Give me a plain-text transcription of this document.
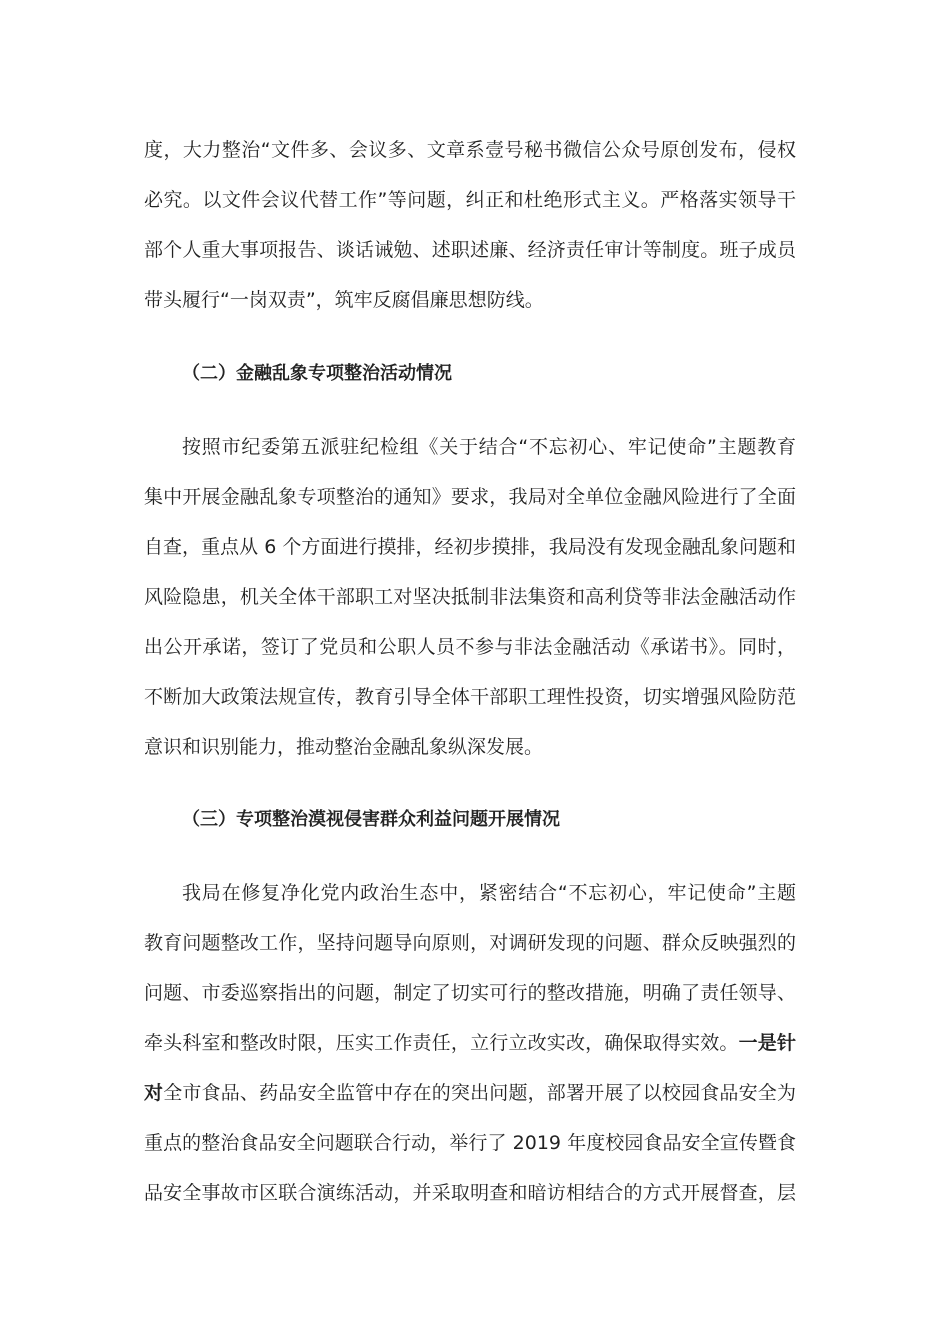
度，大力整治“文件多、会议多、文章系壹号秘书微信公众号原创发布，侵权
必究。以文件会议代替工作”等问题，纠正和杜绝形式主义。严格落实领导干
部个人重大事项报告、谈话诫勉、述职述廉、经济责任审计等制度。班子成员
带头履行“一岗双责”，筑牢反腐倡廉思想防线。
（二）金融乱象专项整治活动情况
按照市纪委第五派驻纪检组《关于结合“不忘初心、牢记使命”主题教育
集中开展金融乱象专项整治的通知》要求，我局对全单位金融风险进行了全面
自查，重点从 6 个方面进行摸排，经初步摸排，我局没有发现金融乱象问题和
风险隐患，机关全体干部职工对坚决抵制非法集资和高利贷等非法金融活动作
出公开承诺，签订了党员和公职人员不参与非法金融活动《承诺书》。同时，
不断加大政策法规宣传，教育引导全体干部职工理性投资，切实增强风险防范
意识和识别能力，推动整治金融乱象纵深发展。
（三）专项整治漠视侵害群众利益问题开展情况
我局在修复净化党内政治生态中，紧密结合“不忘初心，牢记使命”主题
教育问题整改工作，坚持问题导向原则，对调研发现的问题、群众反映强烈的
问题、市委巡察指出的问题，制定了切实可行的整改措施，明确了责任领导、
牵头科室和整改时限，压实工作责任，立行立改实改，确保取得实效。一是针
对全市食品、药品安全监管中存在的突出问题，部署开展了以校园食品安全为
重点的整治食品安全问题联合行动，举行了 2019 年度校园食品安全宣传暨食
品安全事故市区联合演练活动，并采取明查和暗访相结合的方式开展督查，层
